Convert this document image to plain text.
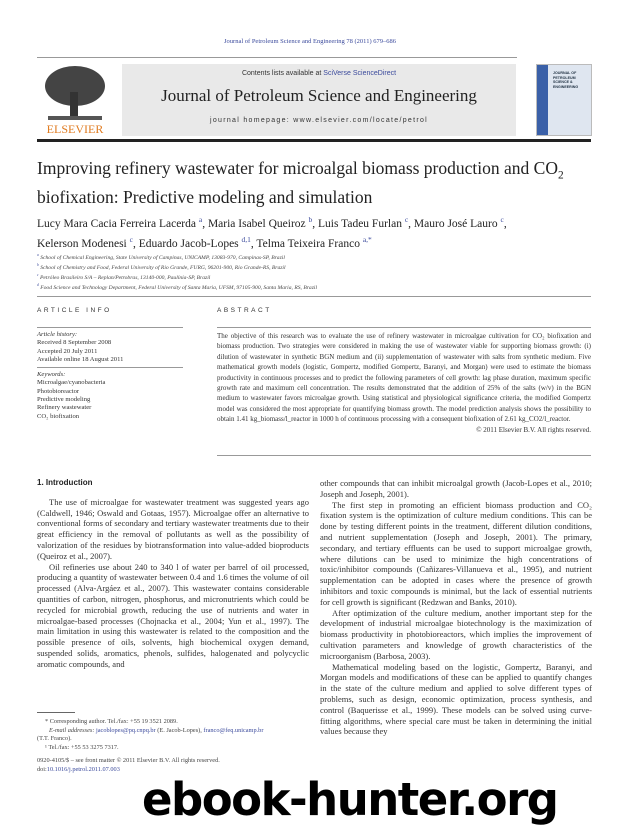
Journal of Petroleum Science and Engineering 78 (2011) 679–686
ELSEVIER
Contents lists available at SciVerse ScienceDirect
Journal of Petroleum Science and Engineering
journal homepage: www.elsevier.com/locate/petrol
JOURNAL OF PETROLEUM SCIENCE & ENGINEERING
Improving refinery wastewater for microalgal biomass production and $CO_2$
biofixation: Predictive modeling and simulation
Lucy Mara Cacia Ferreira Lacerda $^a$, Maria Isabel Queiroz $^b$, Luis Tadeu Furlan $^c$, Mauro José Lauro $^c$,
Kelerson Modenesi $^c$, Eduardo Jacob-Lopes $^{d,1}$, Telma Teixeira Franco $^{a,*}$
$^a$ School of Chemical Engineering, State University of Campinas, UNICAMP, 13083-970, Campinas-SP, Brazil
$^b$ School of Chemistry and Food, Federal University of Rio Grande, FURG, 96201-900, Rio Grande-RS, Brazil
$^c$ Petróleo Brasileiro S/A – Replan/Petrobras, 13140-000, Paulínia-SP, Brazil
$^d$ Food Science and Technology Department, Federal University of Santa Maria, UFSM, 97105-900, Santa Maria, RS, Brazil
ARTICLE INFO	ABSTRACT
Article history:
Received 8 September 2008
Accepted 20 July 2011
Available online 18 August 2011
Keywords:
Microalgae/cyanobacteria
Photobioreactor
Predictive modeling
Refinery wastewater
CO₂ biofixation
The objective of this research was to evaluate the use of refinery wastewater in microalgae cultivation for CO₂ biofixation and biomass production. Two strategies were considered in making the use of wastewater viable for supporting biomass growth: (i) dilution of wastewater in synthetic BGN medium and (ii) supplementation of wastewater with salts from synthetic medium. Five mathematical growth models (logistic, Gompertz, modified Gompertz, Baranyi, and Morgan) were used to estimate the biomass productivity in continuous processes and to predict the following parameters of cell growth: lag phase duration, maximum specific growth rate and maximum cell concentration. The results demonstrated that the addition of 25% of the salts (w/v) in the BGN medium to wastewater favors microalgae growth. Using statistical and physiological significance criteria, the modified Gompertz model was considered the most appropriate for quantifying biomass growth. The model prediction analysis shows the possibility to obtain 1.41 kg_biomass/l_reactor in 1000 h of continuous processing with a consequent biofixation of 2.61 kg_CO2/l_reactor.
© 2011 Elsevier B.V. All rights reserved.
1. Introduction

The use of microalgae for wastewater treatment was suggested years ago (Caldwell, 1946; Oswald and Gotaas, 1957). Microalgae offer an alternative to conventional forms of secondary and tertiary wastewater treatments due to their great efficiency in the removal of pollutants as well as the possibility of valorization of the residues by biotransformation into value-added bioproducts (Queiroz et al., 2007).

Oil refineries use about 240 to 340 l of water per barrel of oil processed, producing a quantity of wastewater between 0.4 and 1.6 times the volume of oil processed (Alva-Argáez et al., 2007). This wastewater contains considerable quantities of carbon, nitrogen, phosphorus, and micronutrients which could be recycled for microbial growth, reducing the use of nutrients and water in microalgae-based processes (Chojnacka et al., 2004; Yun et al., 1997). The main limitation in using this wastewater is related to the composition and the possible presence of oils, solvents, high biochemical oxygen demand, suspended solids, aromatics, phenols, sulfides, halogenated and polycyclic aromatic compounds, and

other compounds that can inhibit microalgal growth (Jacob-Lopes et al., 2010; Joseph and Joseph, 2001).

The first step in promoting an efficient biomass production and CO₂ fixation system is the optimization of culture medium conditions. This can be done by testing different points in the treatment, different dilution conditions, and nutrient supplementation (Joseph and Joseph, 2001). The primary, secondary, and tertiary effluents can be used to support microalgae growth, where dilutions can be used to minimize the high concentrations of toxic/inhibitor compounds (Cañizares-Villanueva et al., 1995), and nutrient supplementation can be adopted in cases where the presence of growth inhibitors and toxic compounds is minimal, but the lack of essential nutrients for cell growth is significant (Redzwan and Banks, 2010).

After optimization of the culture medium, another important step for the development of industrial microalgae biotechnology is the maximization of biomass productivity in photobioreactors, which implies the improvement of cultivation parameters and knowledge of growth characteristics of the microorganism (Barbosa, 2003).

Mathematical modeling based on the logistic, Gompertz, Baranyi, and Morgan models and modifications of these can be applied to quantify changes in the state of the culture medium and applied to solve different types of problems, such as design, economic optimization, process synthesis, and control (Baquerisse et al., 1999). These models can be solved using curve-fitting algorithms, where special care must be taken in determining the initial values because they

* Corresponding author. Tel./fax: +55 19 3521 2089.
E-mail addresses: jacoblopes@pq.cnpq.br (E. Jacob-Lopes), franco@feq.unicamp.br
(T.T. Franco).
¹ Tel./fax: +55 53 3275 7317.
0920-4105/$ – see front matter © 2011 Elsevier B.V. All rights reserved.
doi:10.1016/j.petrol.2011.07.003
ebook-hunter.org
